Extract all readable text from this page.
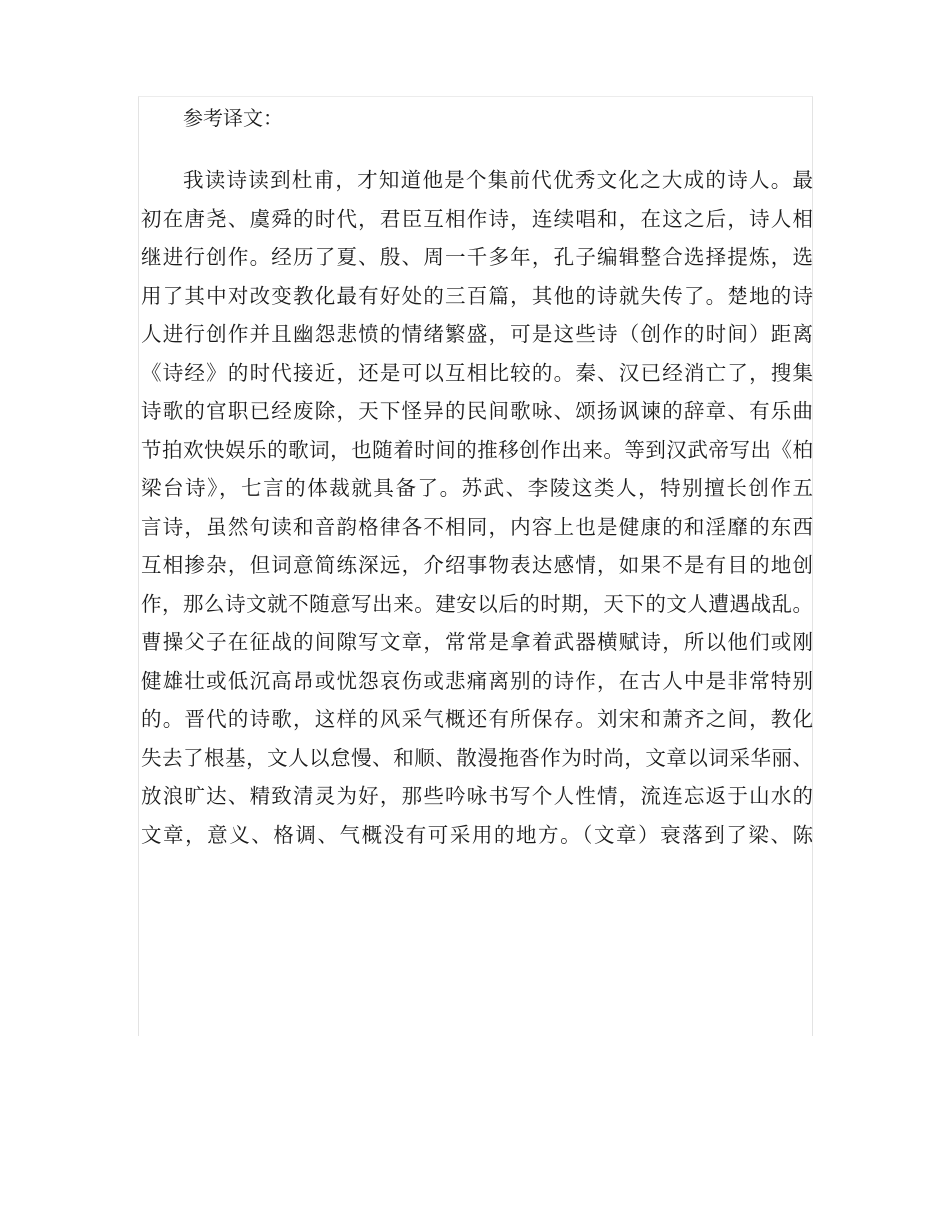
参考译文：
我读诗读到杜甫，才知道他是个集前代优秀文化之大成的诗人。最
初在唐尧、虞舜的时代，君臣互相作诗，连续唱和，在这之后，诗人相
继进行创作。经历了夏、殷、周一千多年，孔子编辑整合选择提炼，选
用了其中对改变教化最有好处的三百篇，其他的诗就失传了。楚地的诗
人进行创作并且幽怨悲愤的情绪繁盛，可是这些诗（创作的时间）距离
《诗经》的时代接近，还是可以互相比较的。秦、汉已经消亡了，搜集
诗歌的官职已经废除，天下怪异的民间歌咏、颂扬讽谏的辞章、有乐曲
节拍欢快娱乐的歌词，也随着时间的推移创作出来。等到汉武帝写出《柏
梁台诗》，七言的体裁就具备了。苏武、李陵这类人，特别擅长创作五
言诗，虽然句读和音韵格律各不相同，内容上也是健康的和淫靡的东西
互相掺杂，但词意简练深远，介绍事物表达感情，如果不是有目的地创
作，那么诗文就不随意写出来。建安以后的时期，天下的文人遭遇战乱。
曹操父子在征战的间隙写文章，常常是拿着武器横赋诗，所以他们或刚
健雄壮或低沉高昂或忧怨哀伤或悲痛离别的诗作，在古人中是非常特别
的。晋代的诗歌，这样的风采气概还有所保存。刘宋和萧齐之间，教化
失去了根基，文人以怠慢、和顺、散漫拖沓作为时尚，文章以词采华丽、
放浪旷达、精致清灵为好，那些吟咏书写个人性情，流连忘返于山水的
文章，意义、格调、气概没有可采用的地方。（文章）衰落到了梁、陈
